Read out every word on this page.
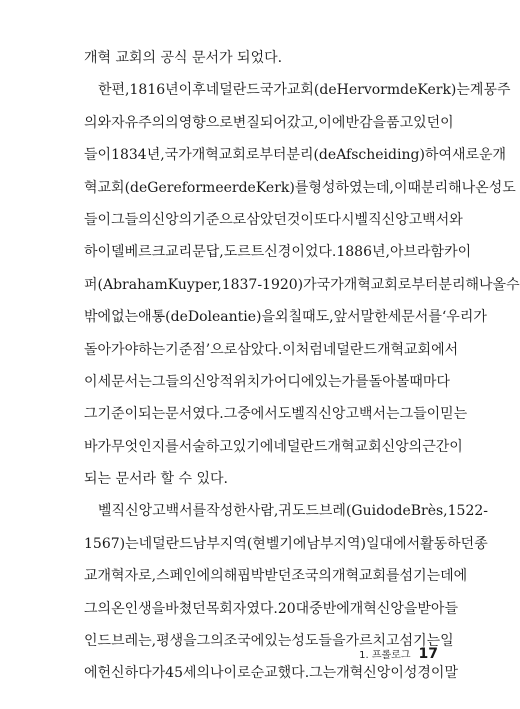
개혁 교회의 공식 문서가 되었다.
한편, 1816년 이후 네덜란드 국가교회(de Hervormde Kerk)는 계몽주
의와 자유주의의 영향으로 변질되어 갔고, 이에 반감을 품고 있던 이
들이 1834년, 국가 개혁 교회로부터 분리(de Afscheiding)하여 새로운 개
혁 교회(de Gereformeerde Kerk)를 형성하였는데, 이때 분리해 나온 성도
들이 그들의 신앙의 기준으로 삼았던 것이 또다시 벨직 신앙고백서와
하이델베르크 교리문답, 도르트 신경이었다. 1886년, 아브라함 카이
퍼(Abraham Kuyper, 1837-1920)가 국가 개혁 교회로부터 분리해 나올 수
밖에 없는 애통(de Doleantie)을 외칠 때도, 앞서 말한 세 문서를 ‘우리가
돌아가야 하는 기준점’으로 삼았다. 이처럼 네덜란드 개혁 교회에서
이 세 문서는 그들의 신앙적 위치가 어디에 있는가를 돌아볼 때마다
그 기준이 되는 문서였다. 그중에서도 벨직 신앙고백서는 그들이 믿는
바가 무엇인지를 서술하고 있기에 네덜란드 개혁 교회 신앙의 근간이
되는 문서라 할 수 있다.
벨직 신앙고백서를 작성한 사람, 귀도 드 브레(Guido de Brès, 1522-
1567)는 네덜란드 남부 지역(현 벨기에 남부 지역) 일대에서 활동하던 종
교개혁자로, 스페인에 의해 핍박받던 조국의 개혁 교회를 섬기는 데에
그의 온 인생을 바쳤던 목회자였다. 20대 중반에 개혁 신앙을 받아들
인 드 브레는, 평생을 그의 조국에 있는 성도들을 가르치고 섬기는 일
에 헌신하다가 45세의 나이로 순교했다. 그는 개혁 신앙이 성경이 말
1. 프롤로그 17
